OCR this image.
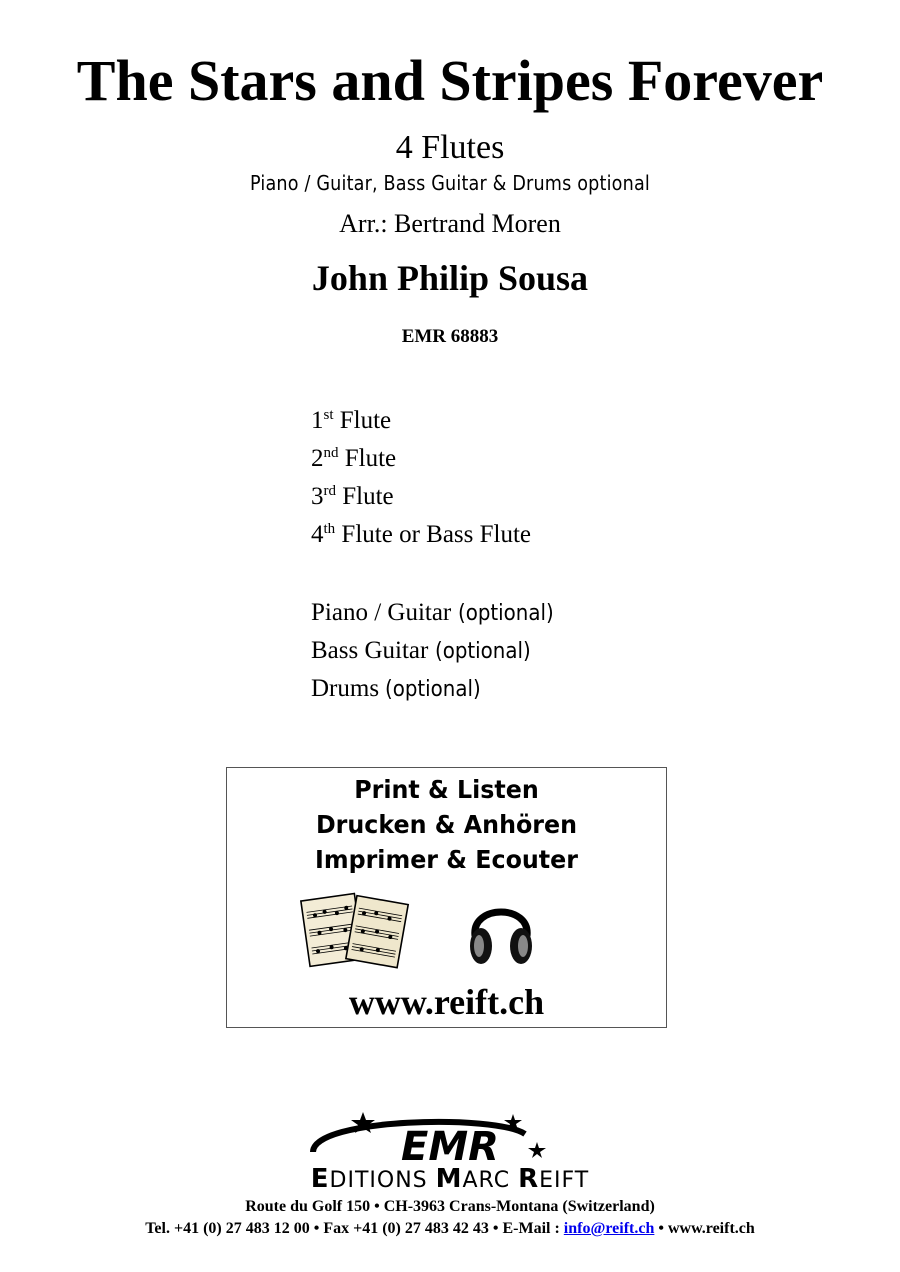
The Stars and Stripes Forever
4 Flutes
Piano / Guitar, Bass Guitar & Drums optional
Arr.: Bertrand Moren
John Philip Sousa
EMR 68883
1st Flute
2nd Flute
3rd Flute
4th Flute or Bass Flute
Piano / Guitar (optional)
Bass Guitar (optional)
Drums (optional)
Print & Listen
Drucken & Anhören
Imprimer & Ecouter
www.reift.ch
EMR
EDITIONS MARC REIFT
Route du Golf 150 • CH-3963 Crans-Montana (Switzerland)
Tel. +41 (0) 27 483 12 00 • Fax +41 (0) 27 483 42 43 • E-Mail : info@reift.ch • www.reift.ch
